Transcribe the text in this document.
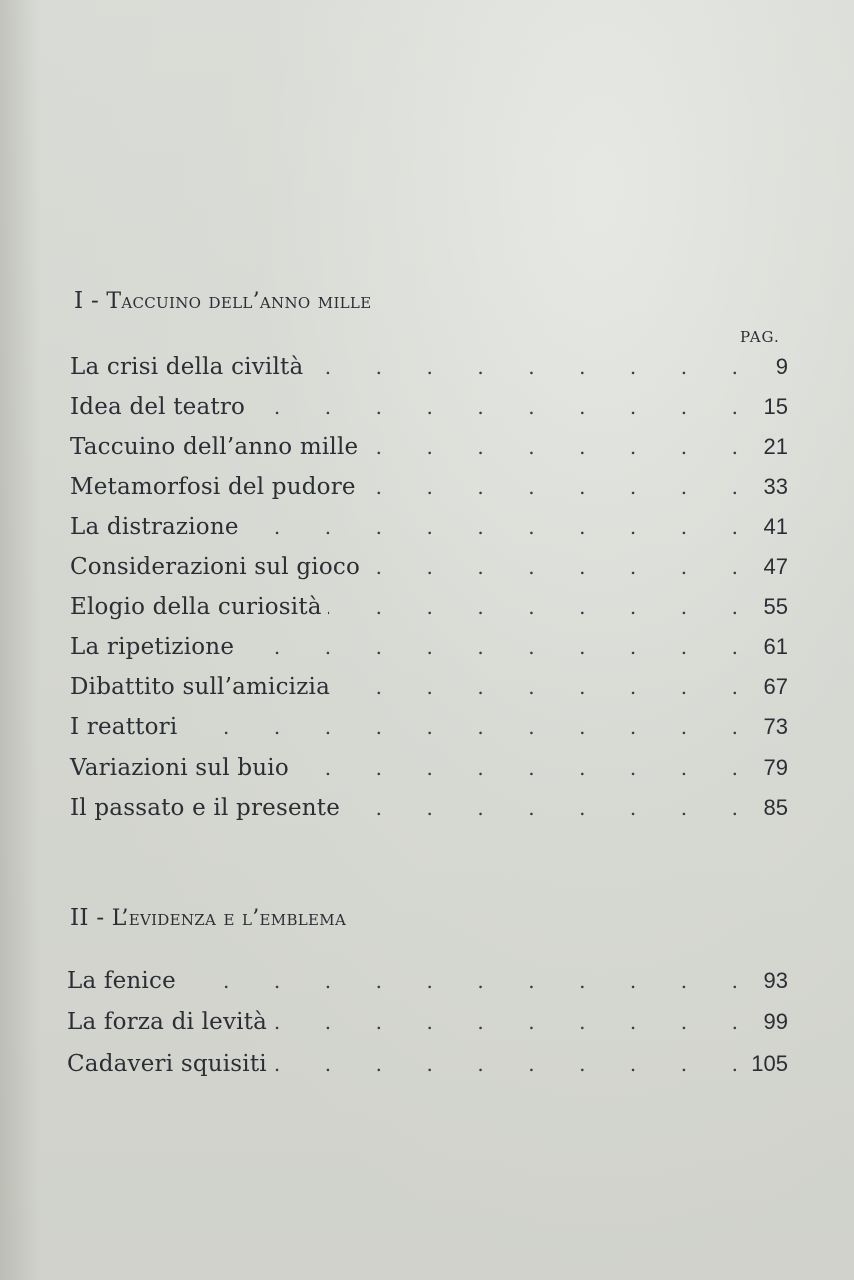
I - Taccuino dell’anno mille
PAG.
La crisi della civiltà .	9
Idea del teatro .	15
Taccuino dell’anno mille .	21
Metamorfosi del pudore .	33
La distrazione .	41
Considerazioni sul gioco .	47
Elogio della curiosità .	55
La ripetizione .	61
Dibattito sull’amicizia .	67
I reattori .	73
Variazioni sul buio .	79
Il passato e il presente .	85
II - L’evidenza e l’emblema
La fenice .	93
La forza di levità .	99
Cadaveri squisiti .	105
